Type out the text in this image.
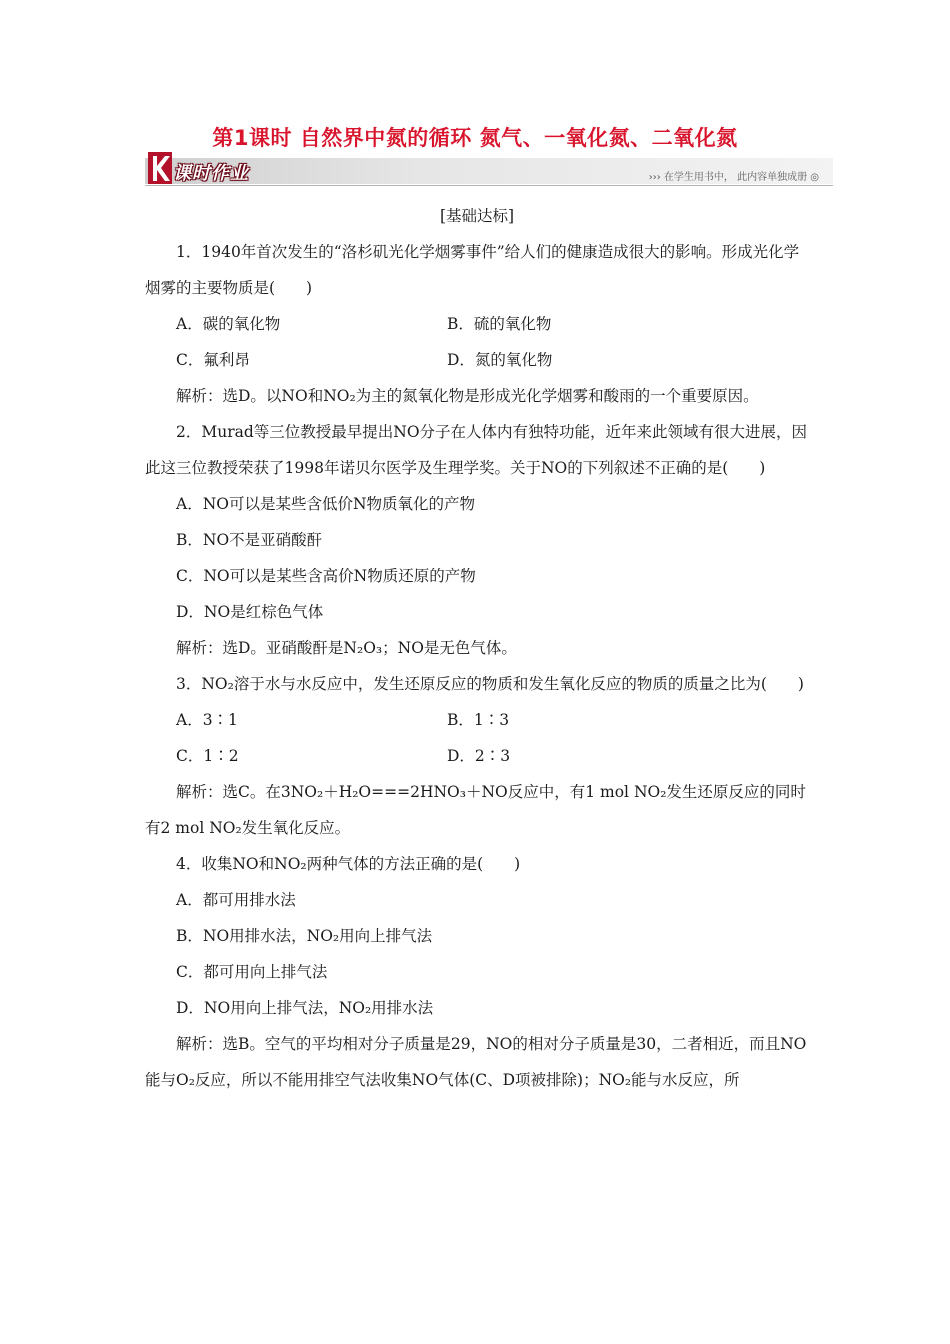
第1课时 自然界中氮的循环 氮气、一氧化氮、二氧化氮
课时作业	››› 在学生用书中， 此内容单独成册 ◎
[基础达标]

1．1940年首次发生的“洛杉矶光化学烟雾事件”给人们的健康造成很大的影响。形成光化学烟雾的主要物质是(　　)

A．碳的氧化物	B．硫的氧化物
C．氟利昂	D．氮的氧化物

解析：选D。以NO和NO₂为主的氮氧化物是形成光化学烟雾和酸雨的一个重要原因。

2．Murad等三位教授最早提出NO分子在人体内有独特功能，近年来此领域有很大进展，因此这三位教授荣获了1998年诺贝尔医学及生理学奖。关于NO的下列叙述不正确的是(　　)

A．NO可以是某些含低价N物质氧化的产物

B．NO不是亚硝酸酐

C．NO可以是某些含高价N物质还原的产物

D．NO是红棕色气体

解析：选D。亚硝酸酐是N₂O₃；NO是无色气体。

3．NO₂溶于水与水反应中，发生还原反应的物质和发生氧化反应的物质的质量之比为(　　)

A．3∶1	B．1∶3
C．1∶2	D．2∶3

解析：选C。在3NO₂＋H₂O===2HNO₃＋NO反应中，有1 mol NO₂发生还原反应的同时有2 mol NO₂发生氧化反应。

4．收集NO和NO₂两种气体的方法正确的是(　　)

A．都可用排水法

B．NO用排水法，NO₂用向上排气法

C．都可用向上排气法

D．NO用向上排气法，NO₂用排水法

解析：选B。空气的平均相对分子质量是29，NO的相对分子质量是30，二者相近，而且NO能与O₂反应，所以不能用排空气法收集NO气体(C、D项被排除)；NO₂能与水反应，所
